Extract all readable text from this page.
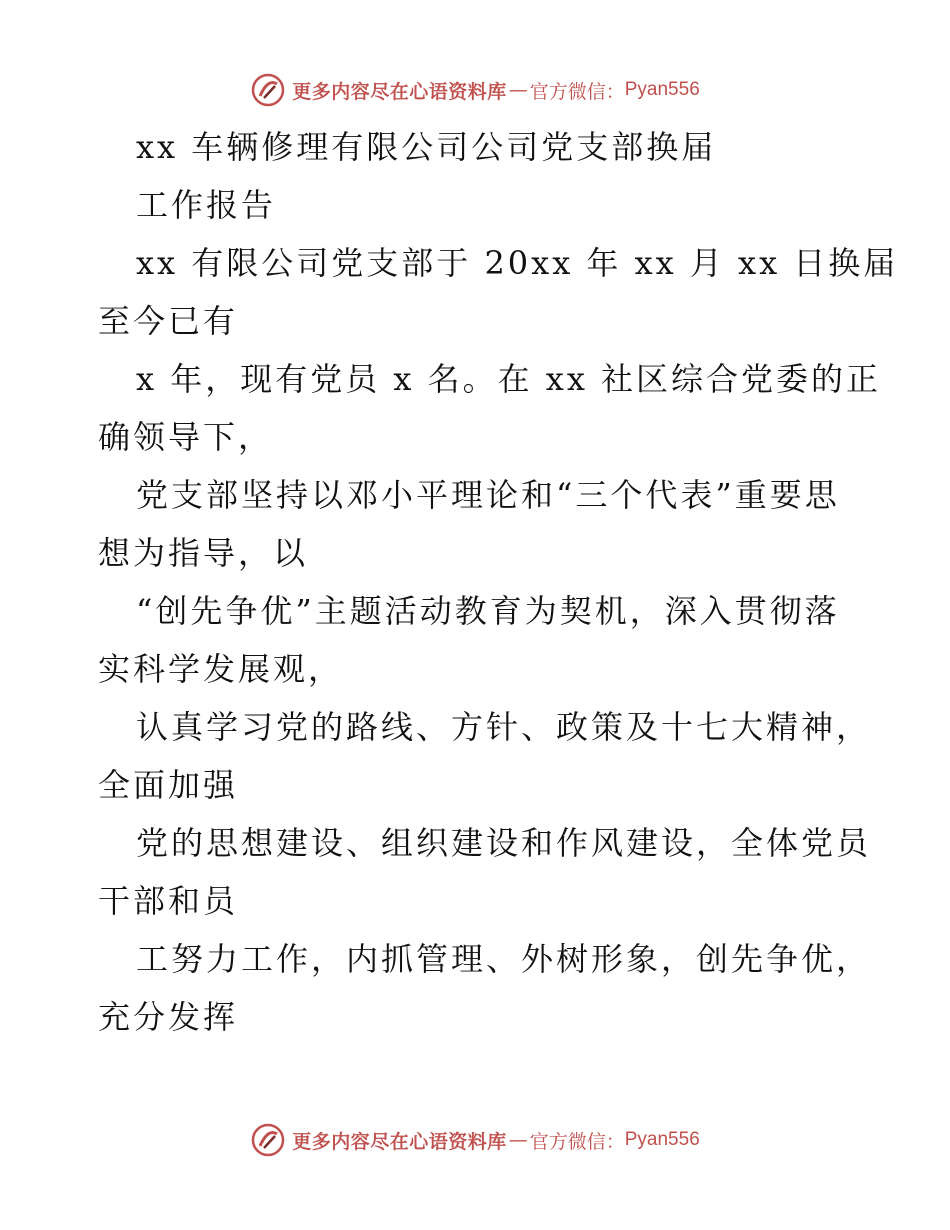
更多内容尽在心语资料库 — 官方微信： Pyan556
xx 车辆修理有限公司公司党支部换届
工作报告
xx 有限公司党支部于 20xx 年 xx 月 xx 日换届
至今已有
x 年，现有党员 x 名。在 xx 社区综合党委的正
确领导下，
党支部坚持以邓小平理论和“三个代表”重要思
想为指导，以
“创先争优”主题活动教育为契机，深入贯彻落
实科学发展观，
认真学习党的路线、方针、政策及十七大精神，
全面加强
党的思想建设、组织建设和作风建设，全体党员
干部和员
工努力工作，内抓管理、外树形象，创先争优，
充分发挥
更多内容尽在心语资料库 — 官方微信： Pyan556
